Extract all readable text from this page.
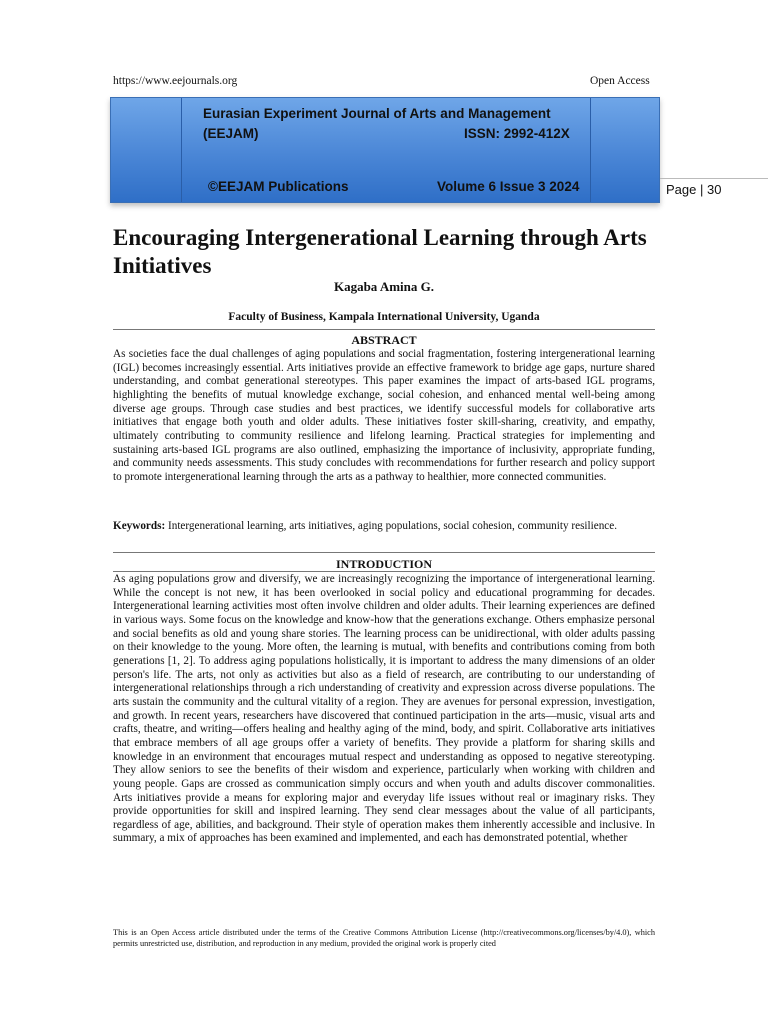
https://www.eejournals.org	Open Access
Eurasian Experiment Journal of Arts and Management
(EEJAM)	ISSN: 2992-412X
©EEJAM Publications	Volume 6 Issue 3 2024	Page | 30
Encouraging Intergenerational Learning through Arts Initiatives
Kagaba Amina G.
Faculty of Business, Kampala International University, Uganda
ABSTRACT

As societies face the dual challenges of aging populations and social fragmentation, fostering intergenerational learning (IGL) becomes increasingly essential. Arts initiatives provide an effective framework to bridge age gaps, nurture shared understanding, and combat generational stereotypes. This paper examines the impact of arts-based IGL programs, highlighting the benefits of mutual knowledge exchange, social cohesion, and enhanced mental well-being among diverse age groups. Through case studies and best practices, we identify successful models for collaborative arts initiatives that engage both youth and older adults. These initiatives foster skill-sharing, creativity, and empathy, ultimately contributing to community resilience and lifelong learning. Practical strategies for implementing and sustaining arts-based IGL programs are also outlined, emphasizing the importance of inclusivity, appropriate funding, and community needs assessments. This study concludes with recommendations for further research and policy support to promote intergenerational learning through the arts as a pathway to healthier, more connected communities.

Keywords: Intergenerational learning, arts initiatives, aging populations, social cohesion, community resilience.

INTRODUCTION

As aging populations grow and diversify, we are increasingly recognizing the importance of intergenerational learning. While the concept is not new, it has been overlooked in social policy and educational programming for decades. Intergenerational learning activities most often involve children and older adults. Their learning experiences are defined in various ways. Some focus on the knowledge and know-how that the generations exchange. Others emphasize personal and social benefits as old and young share stories. The learning process can be unidirectional, with older adults passing on their knowledge to the young. More often, the learning is mutual, with benefits and contributions coming from both generations [1, 2]. To address aging populations holistically, it is important to address the many dimensions of an older person's life. The arts, not only as activities but also as a field of research, are contributing to our understanding of intergenerational relationships through a rich understanding of creativity and expression across diverse populations. The arts sustain the community and the cultural vitality of a region. They are avenues for personal expression, investigation, and growth. In recent years, researchers have discovered that continued participation in the arts—music, visual arts and crafts, theatre, and writing—offers healing and healthy aging of the mind, body, and spirit. Collaborative arts initiatives that embrace members of all age groups offer a variety of benefits. They provide a platform for sharing skills and knowledge in an environment that encourages mutual respect and understanding as opposed to negative stereotyping. They allow seniors to see the benefits of their wisdom and experience, particularly when working with children and young people. Gaps are crossed as communication simply occurs and when youth and adults discover commonalities. Arts initiatives provide a means for exploring major and everyday life issues without real or imaginary risks. They provide opportunities for skill and inspired learning. They send clear messages about the value of all participants, regardless of age, abilities, and background. Their style of operation makes them inherently accessible and inclusive. In summary, a mix of approaches has been examined and implemented, and each has demonstrated potential, whether

This is an Open Access article distributed under the terms of the Creative Commons Attribution License (http://creativecommons.org/licenses/by/4.0), which permits unrestricted use, distribution, and reproduction in any medium, provided the original work is properly cited
